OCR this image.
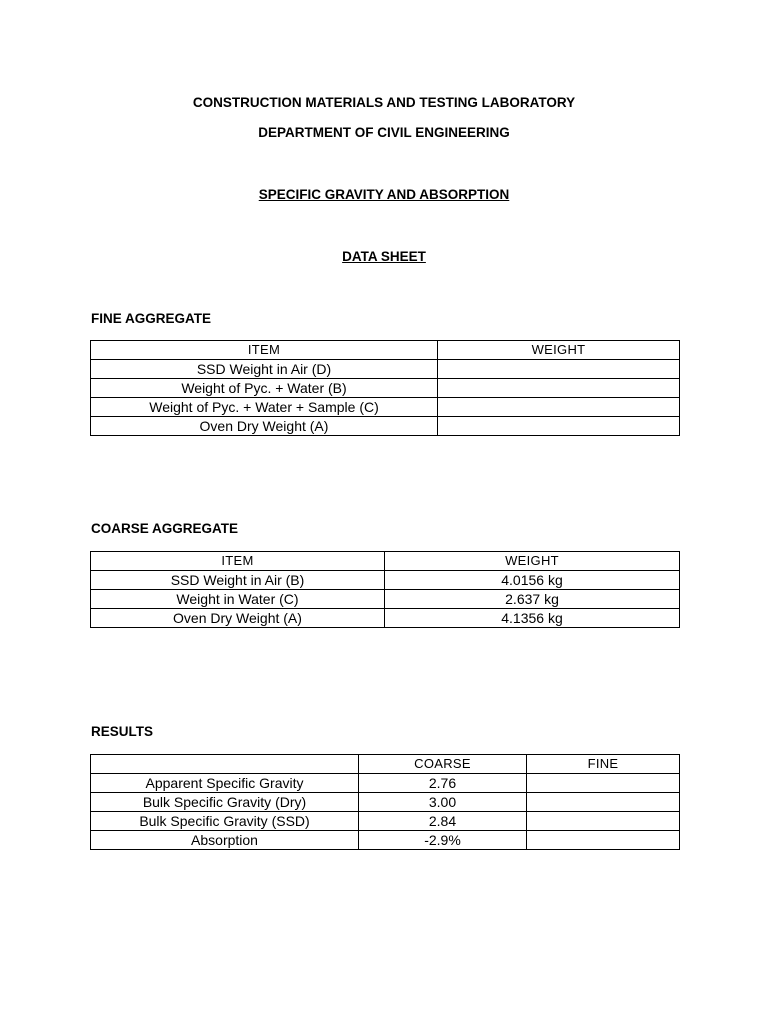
CONSTRUCTION MATERIALS AND TESTING LABORATORY
DEPARTMENT OF CIVIL ENGINEERING
SPECIFIC GRAVITY AND ABSORPTION
DATA SHEET
FINE AGGREGATE
ITEM	WEIGHT
SSD Weight in Air (D)	
Weight of Pyc. + Water (B)	
Weight of Pyc. + Water + Sample (C)	
Oven Dry Weight (A)	
COARSE AGGREGATE
ITEM	WEIGHT
SSD Weight in Air (B)	4.0156 kg
Weight in Water (C)	2.637 kg
Oven Dry Weight (A)	4.1356 kg
RESULTS
	COARSE	FINE
Apparent Specific Gravity	2.76	
Bulk Specific Gravity (Dry)	3.00	
Bulk Specific Gravity (SSD)	2.84	
Absorption	-2.9%	
